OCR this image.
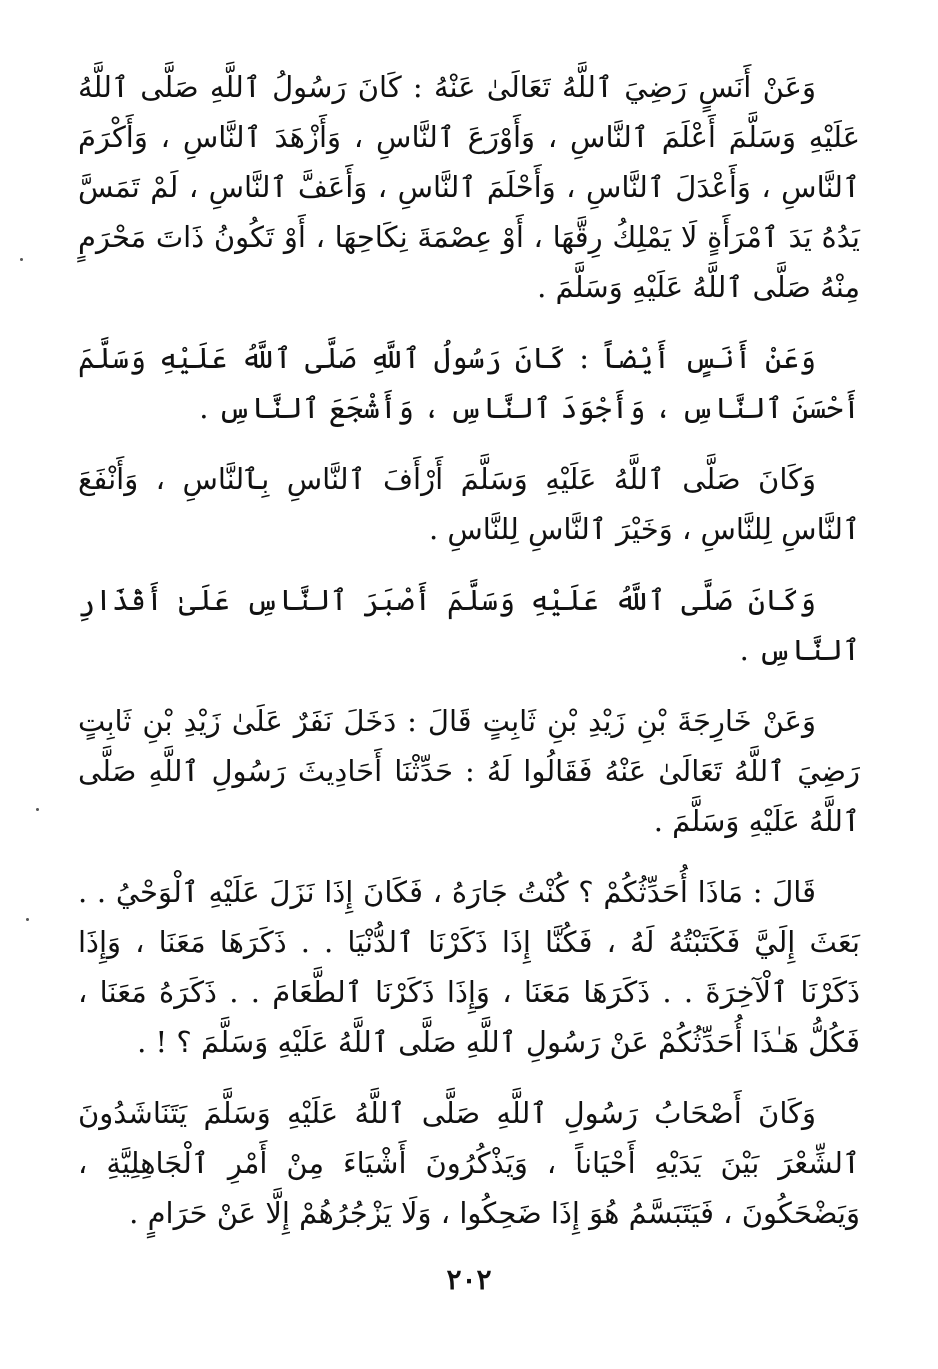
وَعَنْ أَنَسٍ رَضِيَ ٱللَّهُ تَعَالَىٰ عَنْهُ : كَانَ رَسُولُ ٱللَّهِ صَلَّى ٱللَّهُ عَلَيْهِ وَسَلَّمَ أَعْلَمَ ٱلنَّاسِ ، وَأَوْرَعَ ٱلنَّاسِ ، وَأَزْهَدَ ٱلنَّاسِ ، وَأَكْرَمَ ٱلنَّاسِ ، وَأَعْدَلَ ٱلنَّاسِ ، وَأَحْلَمَ ٱلنَّاسِ ، وَأَعَفَّ ٱلنَّاسِ ، لَمْ تَمَسَّ يَدُهُ يَدَ ٱمْرَأَةٍ لَا يَمْلِكُ رِقَّهَا ، أَوْ عِصْمَةَ نِكَاحِهَا ، أَوْ تَكُونُ ذَاتَ مَحْرَمٍ مِنْهُ صَلَّى ٱللَّهُ عَلَيْهِ وَسَلَّمَ .

وَعَنْ أَنَسٍ أَيْضاً : كَانَ رَسُولُ ٱللَّهِ صَلَّى ٱللَّهُ عَلَيْهِ وَسَلَّمَ أَحْسَنَ ٱلنَّاسِ ، وَأَجْوَدَ ٱلنَّاسِ ، وَأَشْجَعَ ٱلنَّاسِ .

وَكَانَ صَلَّى ٱللَّهُ عَلَيْهِ وَسَلَّمَ أَرْأَفَ ٱلنَّاسِ بِٱلنَّاسِ ، وَأَنْفَعَ ٱلنَّاسِ لِلنَّاسِ ، وَخَيْرَ ٱلنَّاسِ لِلنَّاسِ .

وَكَانَ صَلَّى ٱللَّهُ عَلَيْهِ وَسَلَّمَ أَصْبَرَ ٱلنَّاسِ عَلَىٰ أَقْذَارِ ٱلنَّاسِ .

وَعَنْ خَارِجَةَ بْنِ زَيْدِ بْنِ ثَابِتٍ قَالَ : دَخَلَ نَفَرٌ عَلَىٰ زَيْدِ بْنِ ثَابِتٍ رَضِيَ ٱللَّهُ تَعَالَىٰ عَنْهُ فَقَالُوا لَهُ : حَدِّثْنَا أَحَادِيثَ رَسُولِ ٱللَّهِ صَلَّى ٱللَّهُ عَلَيْهِ وَسَلَّمَ .

قَالَ : مَاذَا أُحَدِّثُكُمْ ؟ كُنْتُ جَارَهُ ، فَكَانَ إِذَا نَزَلَ عَلَيْهِ ٱلْوَحْيُ . . بَعَثَ إِلَيَّ فَكَتَبْتُهُ لَهُ ، فَكُنَّا إِذَا ذَكَرْنَا ٱلدُّنْيَا . . ذَكَرَهَا مَعَنَا ، وَإِذَا ذَكَرْنَا ٱلْآخِرَةَ . . ذَكَرَهَا مَعَنَا ، وَإِذَا ذَكَرْنَا ٱلطَّعَامَ . . ذَكَرَهُ مَعَنَا ، فَكُلُّ هَـٰذَا أُحَدِّثُكُمْ عَنْ رَسُولِ ٱللَّهِ صَلَّى ٱللَّهُ عَلَيْهِ وَسَلَّمَ ؟ ! .

وَكَانَ أَصْحَابُ رَسُولِ ٱللَّهِ صَلَّى ٱللَّهُ عَلَيْهِ وَسَلَّمَ يَتَنَاشَدُونَ ٱلشِّعْرَ بَيْنَ يَدَيْهِ أَحْيَاناً ، وَيَذْكُرُونَ أَشْيَاءَ مِنْ أَمْرِ ٱلْجَاهِلِيَّةِ ، وَيَضْحَكُونَ ، فَيَتَبَسَّمُ هُوَ إِذَا ضَحِكُوا ، وَلَا يَزْجُرُهُمْ إِلَّا عَنْ حَرَامٍ .

٢٠٢
